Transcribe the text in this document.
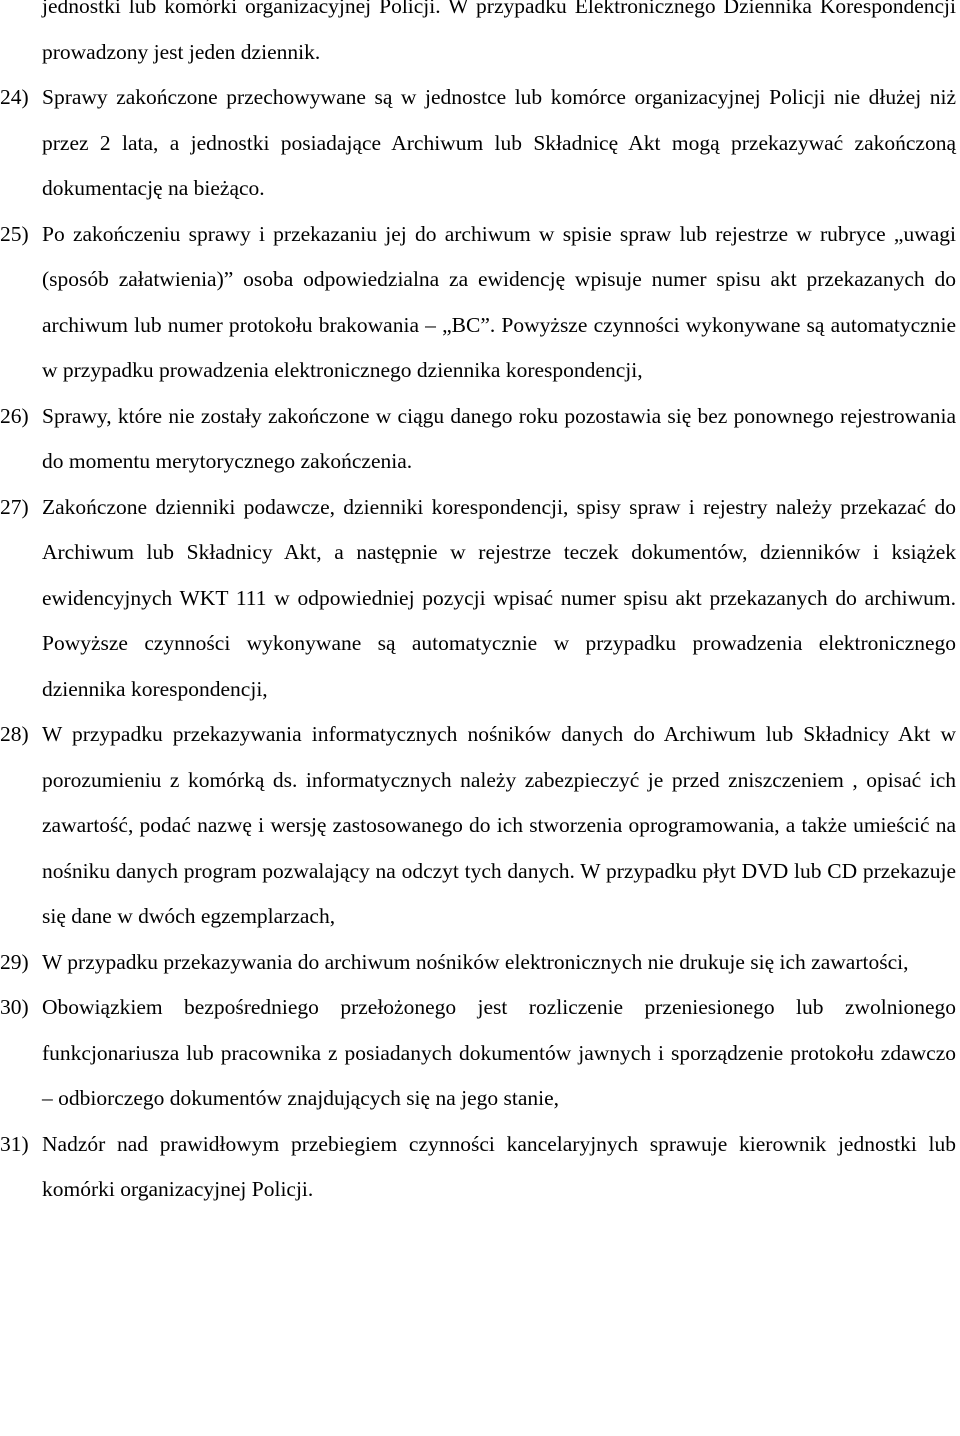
jednostki lub komórki organizacyjnej Policji. W przypadku Elektronicznego Dziennika Korespondencji prowadzony jest jeden dziennik.

24) Sprawy zakończone przechowywane są w jednostce lub komórce organizacyjnej Policji nie dłużej niż przez 2 lata, a jednostki posiadające Archiwum lub Składnicę Akt mogą przekazywać zakończoną dokumentację na bieżąco.
25) Po zakończeniu sprawy i przekazaniu jej do archiwum w spisie spraw lub rejestrze w rubryce „uwagi (sposób załatwienia)” osoba odpowiedzialna za ewidencję wpisuje numer spisu akt przekazanych do archiwum lub numer protokołu brakowania – „BC”. Powyższe czynności wykonywane są automatycznie w przypadku prowadzenia elektronicznego dziennika korespondencji,
26) Sprawy, które nie zostały zakończone w ciągu danego roku pozostawia się bez ponownego rejestrowania do momentu merytorycznego zakończenia.
27) Zakończone dzienniki podawcze, dzienniki korespondencji, spisy spraw i rejestry należy przekazać do Archiwum lub Składnicy Akt, a następnie w rejestrze teczek dokumentów, dzienników i książek ewidencyjnych WKT 111 w odpowiedniej pozycji wpisać numer spisu akt przekazanych do archiwum. Powyższe czynności wykonywane są automatycznie w przypadku prowadzenia elektronicznego dziennika korespondencji,
28) W przypadku przekazywania informatycznych nośników danych do Archiwum lub Składnicy Akt w porozumieniu z komórką ds. informatycznych należy zabezpieczyć je przed zniszczeniem , opisać ich zawartość, podać nazwę i wersję zastosowanego do ich stworzenia oprogramowania, a także umieścić na nośniku danych program pozwalający na odczyt tych danych. W przypadku płyt DVD lub CD przekazuje się dane w dwóch egzemplarzach,
29) W przypadku przekazywania do archiwum nośników elektronicznych nie drukuje się ich zawartości,
30) Obowiązkiem bezpośredniego przełożonego jest rozliczenie przeniesionego lub zwolnionego funkcjonariusza lub pracownika z posiadanych dokumentów jawnych i sporządzenie protokołu zdawczo – odbiorczego dokumentów znajdujących się na jego stanie,
31) Nadzór nad prawidłowym przebiegiem czynności kancelaryjnych sprawuje kierownik jednostki lub komórki organizacyjnej Policji.
